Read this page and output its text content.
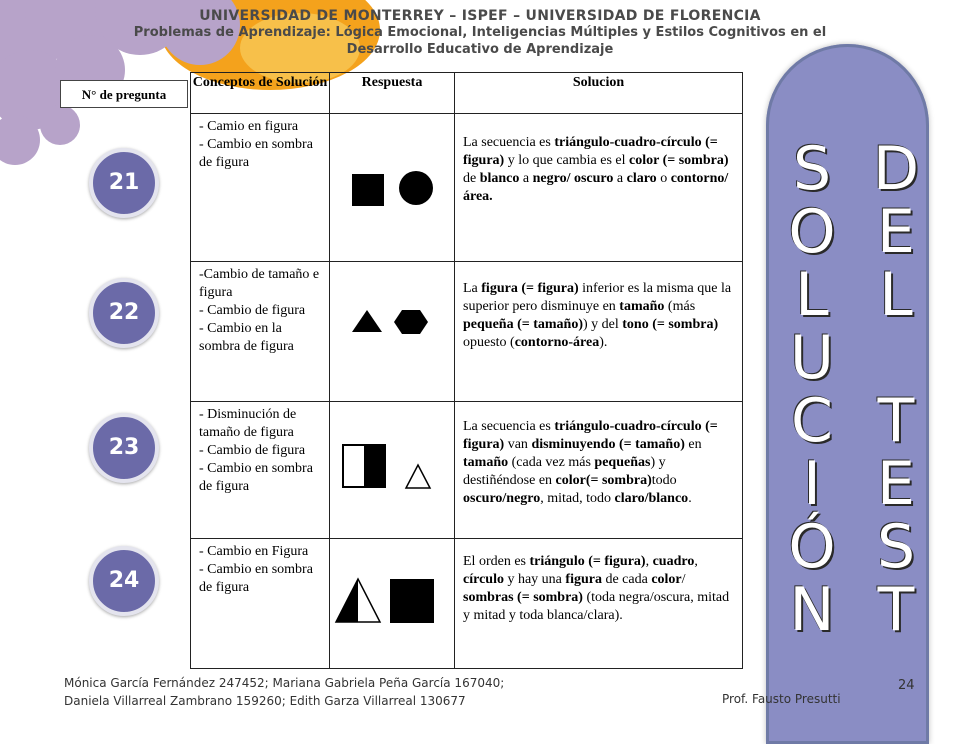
UNIVERSIDAD DE MONTERREY – ISPEF – UNIVERSIDAD DE FLORENCIA
Problemas de Aprendizaje: Lógica Emocional, Inteligencias Múltiples y Estilos Cognitivos en el
Desarrollo Educativo de Aprendizaje
N° de pregunta
21
22
23
24
Conceptos de Solución	Respuesta	Solucion
- Camio en figura
- Cambio en sombra de figura		La secuencia es triángulo-cuadro-círculo (= figura) y lo que cambia es el color (= sombra) de blanco a negro/ oscuro a claro o contorno/área.
-Cambio de tamaño e figura
- Cambio de figura
- Cambio en la sombra de figura		La figura (= figura) inferior es la misma que la superior pero disminuye en tamaño (más pequeña (= tamaño)) y del tono (= sombra) opuesto (contorno-área).
- Disminución de tamaño de figura
- Cambio de figura
- Cambio en sombra de figura		La secuencia es triángulo-cuadro-círculo (= figura) van disminuyendo (= tamaño) en tamaño (cada vez más pequeñas) y destiñéndose en color(= sombra)todo oscuro/negro, mitad, todo claro/blanco.
- Cambio en Figura
- Cambio en sombra de figura		El orden es triángulo (= figura), cuadro, círculo y hay una figura de cada color/ sombras (= sombra) (toda negra/oscura, mitad y mitad y toda blanca/clara).
S
O
L
U
C
I
Ó
N
D
E
L
T
E
S
T
Mónica García Fernández 247452; Mariana Gabriela Peña García 167040;
Daniela Villarreal Zambrano 159260; Edith Garza Villarreal 130677	Prof. Fausto Presutti
24
